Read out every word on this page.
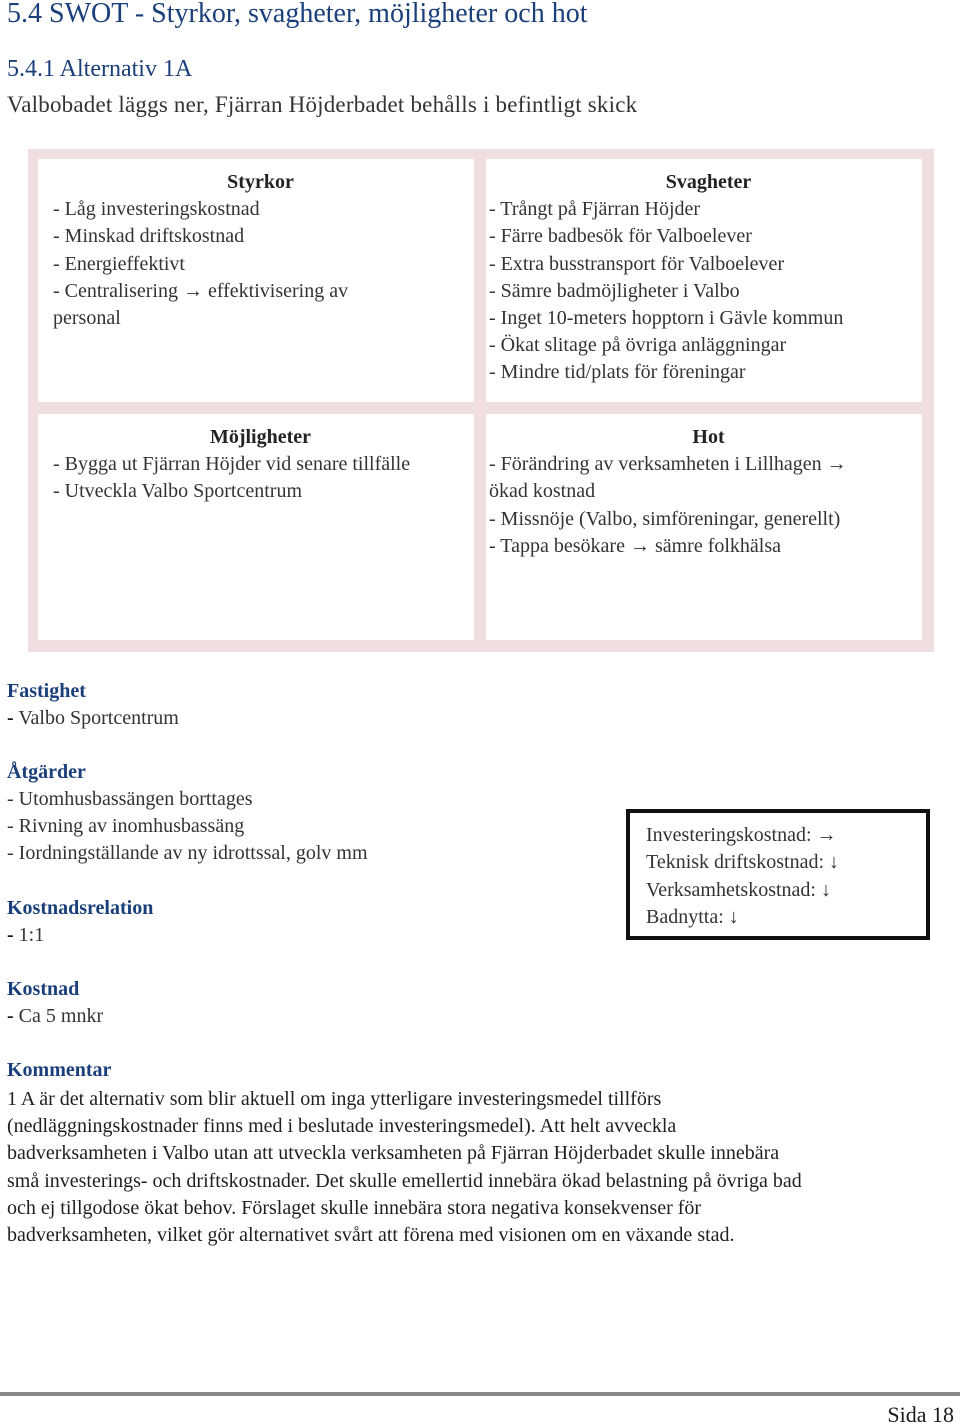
5.4 SWOT - Styrkor, svagheter, möjligheter och hot
5.4.1 Alternativ 1A
Valbobadet läggs ner, Fjärran Höjderbadet behålls i befintligt skick
Styrkor
- Låg investeringskostnad
- Minskad driftskostnad
- Energieffektivt
- Centralisering → effektivisering av
personal
Svagheter
- Trångt på Fjärran Höjder
- Färre badbesök för Valboelever
- Extra busstransport för Valboelever
- Sämre badmöjligheter i Valbo
- Inget 10-meters hopptorn i Gävle kommun
- Ökat slitage på övriga anläggningar
- Mindre tid/plats för föreningar
Möjligheter
- Bygga ut Fjärran Höjder vid senare tillfälle
- Utveckla Valbo Sportcentrum
Hot
- Förändring av verksamheten i Lillhagen →
ökad kostnad
- Missnöje (Valbo, simföreningar, generellt)
- Tappa besökare → sämre folkhälsa
Fastighet
- Valbo Sportcentrum
Åtgärder
- Utomhusbassängen borttages
- Rivning av inomhusbassäng
- Iordningställande av ny idrottssal, golv mm
Kostnadsrelation
- 1:1
Kostnad
- Ca 5 mnkr
Investeringskostnad: →
Teknisk driftskostnad: ↓
Verksamhetskostnad: ↓
Badnytta: ↓
Kommentar
1 A är det alternativ som blir aktuell om inga ytterligare investeringsmedel tillförs
(nedläggningskostnader finns med i beslutade investeringsmedel). Att helt avveckla
badverksamheten i Valbo utan att utveckla verksamheten på Fjärran Höjderbadet skulle innebära
små investerings- och driftskostnader. Det skulle emellertid innebära ökad belastning på övriga bad
och ej tillgodose ökat behov. Förslaget skulle innebära stora negativa konsekvenser för
badverksamheten, vilket gör alternativet svårt att förena med visionen om en växande stad.
Sida 18
